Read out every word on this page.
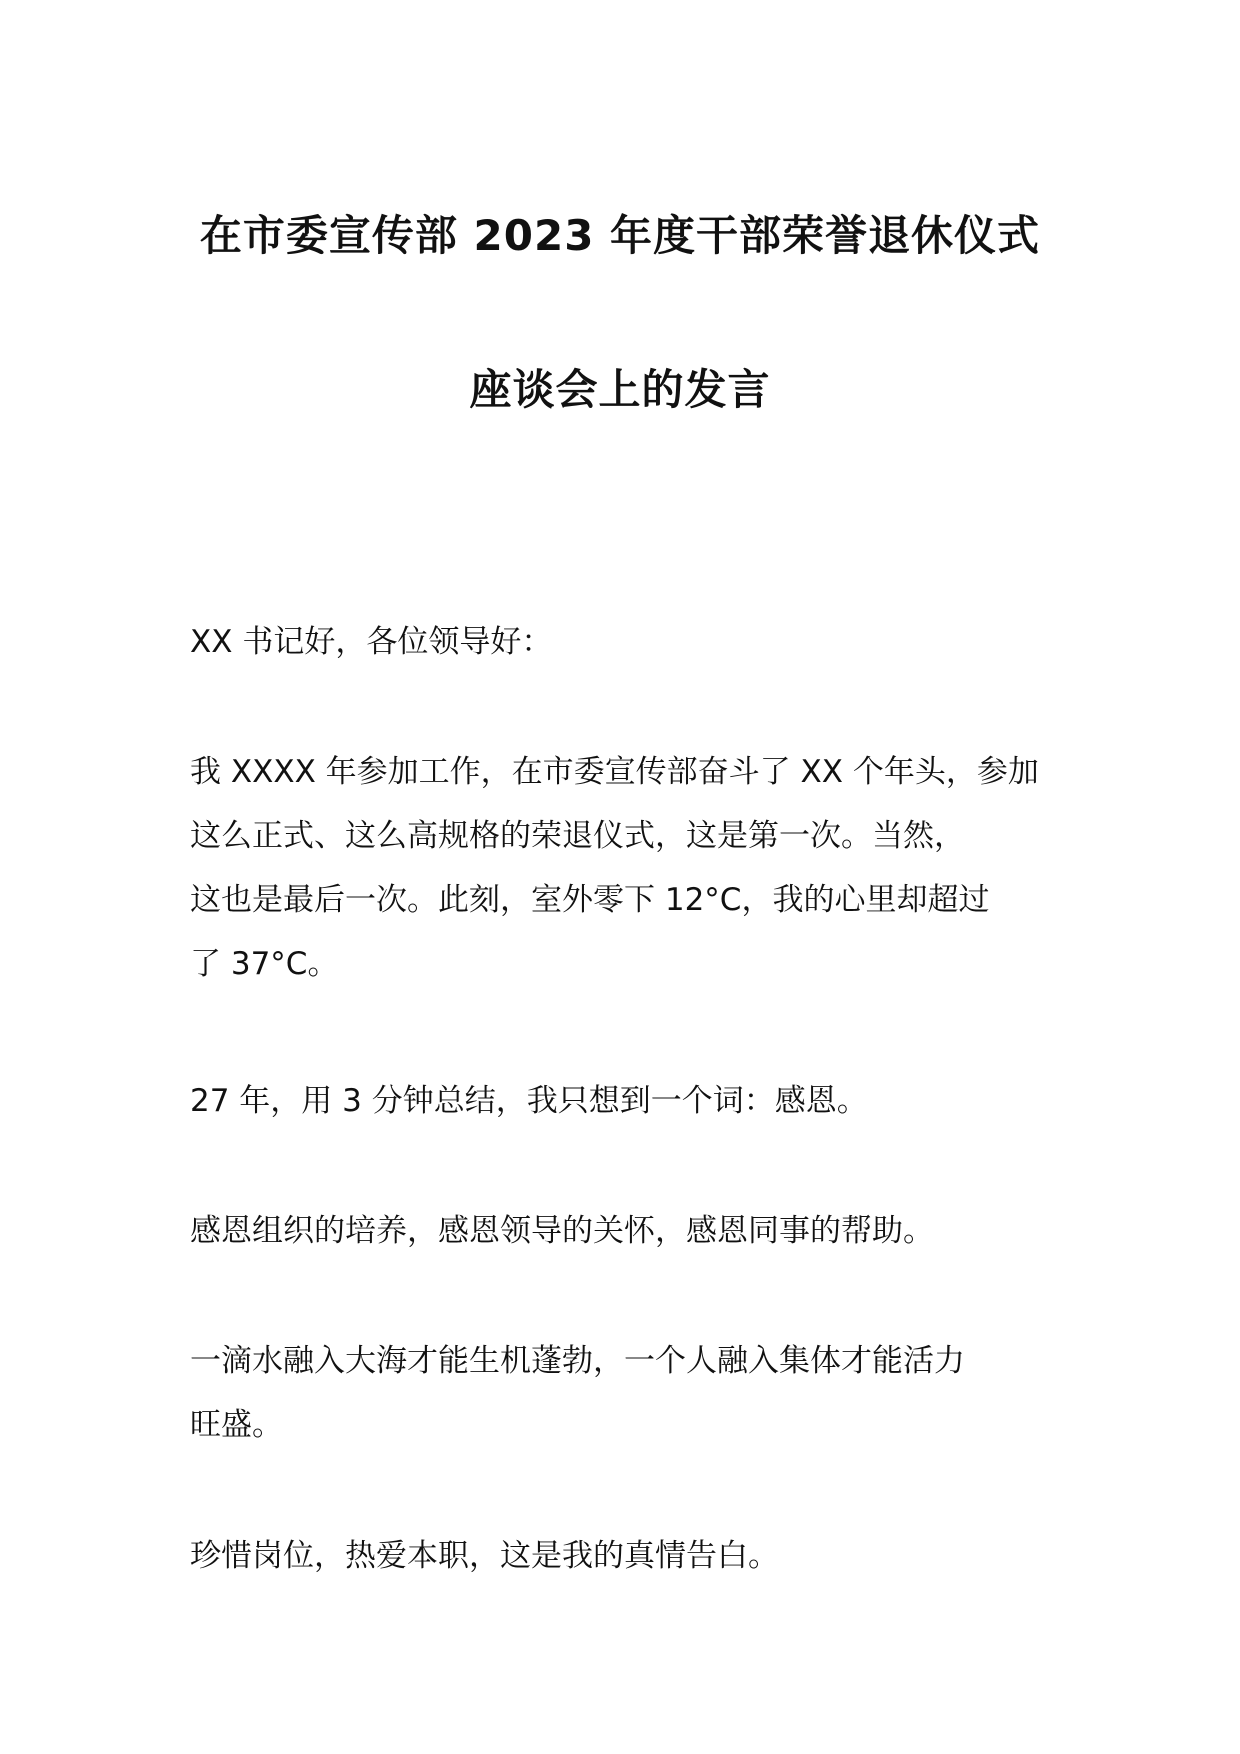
在市委宣传部 2023 年度干部荣誉退休仪式
座谈会上的发言

XX 书记好，各位领导好：

我 XXXX 年参加工作，在市委宣传部奋斗了 XX 个年头，参加

这么正式、这么高规格的荣退仪式，这是第一次。当然，

这也是最后一次。此刻，室外零下 12°C，我的心里却超过

了 37°C。

27 年，用 3 分钟总结，我只想到一个词：感恩。

感恩组织的培养，感恩领导的关怀，感恩同事的帮助。

一滴水融入大海才能生机蓬勃，一个人融入集体才能活力

旺盛。

珍惜岗位，热爱本职，这是我的真情告白。
